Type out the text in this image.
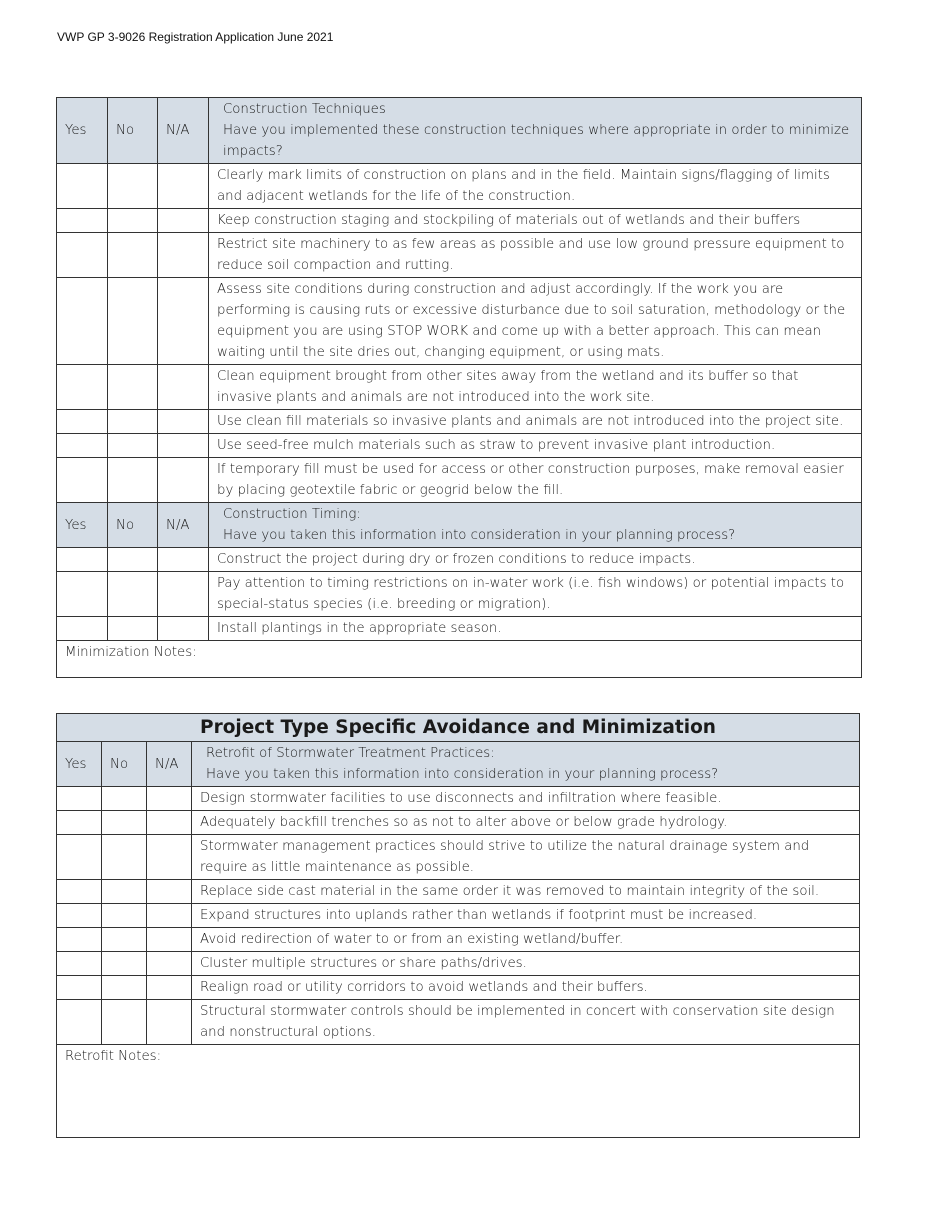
VWP GP 3-9026 Registration Application June 2021
Yes	No	N/A	Construction Techniques
Have you implemented these construction techniques where appropriate in order to minimize impacts?

			Clearly mark limits of construction on plans and in the field. Maintain signs/flagging of limits and adjacent wetlands for the life of the construction.
			Keep construction staging and stockpiling of materials out of wetlands and their buffers
			Restrict site machinery to as few areas as possible and use low ground pressure equipment to reduce soil compaction and rutting.
			Assess site conditions during construction and adjust accordingly. If the work you are performing is causing ruts or excessive disturbance due to soil saturation, methodology or the equipment you are using STOP WORK and come up with a better approach. This can mean waiting until the site dries out, changing equipment, or using mats.
			Clean equipment brought from other sites away from the wetland and its buffer so that invasive plants and animals are not introduced into the work site.
			Use clean fill materials so invasive plants and animals are not introduced into the project site.
			Use seed-free mulch materials such as straw to prevent invasive plant introduction.
			If temporary fill must be used for access or other construction purposes, make removal easier by placing geotextile fabric or geogrid below the fill.
Yes	No	N/A	Construction Timing:
Have you taken this information into consideration in your planning process?

			Construct the project during dry or frozen conditions to reduce impacts.
			Pay attention to timing restrictions on in-water work (i.e. fish windows) or potential impacts to special-status species (i.e. breeding or migration).
			Install plantings in the appropriate season.
Minimization Notes:			
Project Type Specific Avoidance and Minimization			
Yes	No	N/A	Retrofit of Stormwater Treatment Practices:
Have you taken this information into consideration in your planning process?

			Design stormwater facilities to use disconnects and infiltration where feasible.
			Adequately backfill trenches so as not to alter above or below grade hydrology.
			Stormwater management practices should strive to utilize the natural drainage system and require as little maintenance as possible.
			Replace side cast material in the same order it was removed to maintain integrity of the soil.
			Expand structures into uplands rather than wetlands if footprint must be increased.
			Avoid redirection of water to or from an existing wetland/buffer.
			Cluster multiple structures or share paths/drives.
			Realign road or utility corridors to avoid wetlands and their buffers.
			Structural stormwater controls should be implemented in concert with conservation site design and nonstructural options.
Retrofit Notes:			
